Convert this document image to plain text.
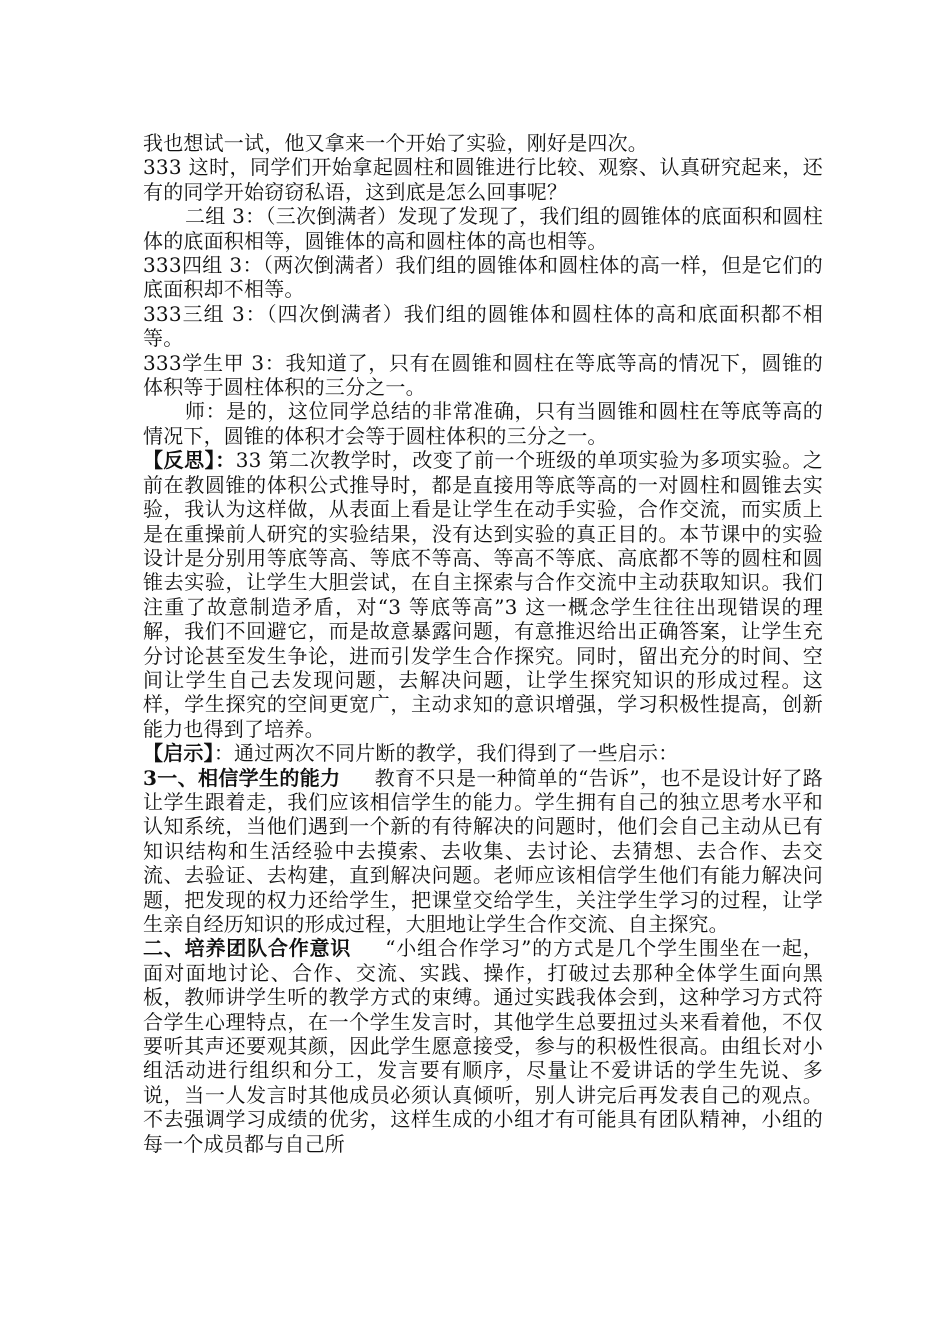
我也想试一试，他又拿来一个开始了实验，刚好是四次。

333 这时，同学们开始拿起圆柱和圆锥进行比较、观察、认真研究起来，还有的同学开始窃窃私语，这到底是怎么回事呢？

二组 3：（三次倒满者）发现了发现了，我们组的圆锥体的底面积和圆柱体的底面积相等，圆锥体的高和圆柱体的高也相等。

333四组 3：（两次倒满者）我们组的圆锥体和圆柱体的高一样，但是它们的底面积却不相等。

333三组 3：（四次倒满者）我们组的圆锥体和圆柱体的高和底面积都不相等。

333学生甲 3：我知道了，只有在圆锥和圆柱在等底等高的情况下，圆锥的体积等于圆柱体积的三分之一。

师：是的，这位同学总结的非常准确，只有当圆锥和圆柱在等底等高的情况下，圆锥的体积才会等于圆柱体积的三分之一。

【反思】：33 第二次教学时，改变了前一个班级的单项实验为多项实验。之前在教圆锥的体积公式推导时，都是直接用等底等高的一对圆柱和圆锥去实验，我认为这样做，从表面上看是让学生在动手实验，合作交流，而实质上是在重操前人研究的实验结果，没有达到实验的真正目的。本节课中的实验设计是分别用等底等高、等底不等高、等高不等底、高底都不等的圆柱和圆锥去实验，让学生大胆尝试，在自主探索与合作交流中主动获取知识。我们注重了故意制造矛盾，对“3 等底等高”3 这一概念学生往往出现错误的理解，我们不回避它，而是故意暴露问题，有意推迟给出正确答案，让学生充分讨论甚至发生争论，进而引发学生合作探究。同时，留出充分的时间、空间让学生自己去发现问题，去解决问题，让学生探究知识的形成过程。这样，学生探究的空间更宽广，主动求知的意识增强，学习积极性提高，创新能力也得到了培养。

【启示】：通过两次不同片断的教学，我们得到了一些启示：

3一、相信学生的能力 教育不只是一种简单的“告诉”，也不是设计好了路让学生跟着走，我们应该相信学生的能力。学生拥有自己的独立思考水平和认知系统，当他们遇到一个新的有待解决的问题时，他们会自己主动从已有知识结构和生活经验中去摸索、去收集、去讨论、去猜想、去合作、去交流、去验证、去构建，直到解决问题。老师应该相信学生他们有能力解决问题，把发现的权力还给学生，把课堂交给学生，关注学生学习的过程，让学生亲自经历知识的形成过程，大胆地让学生合作交流、自主探究。

二、培养团队合作意识 “小组合作学习”的方式是几个学生围坐在一起，面对面地讨论、合作、交流、实践、操作，打破过去那种全体学生面向黑板，教师讲学生听的教学方式的束缚。通过实践我体会到，这种学习方式符合学生心理特点，在一个学生发言时，其他学生总要扭过头来看着他，不仅要听其声还要观其颜，因此学生愿意接受，参与的积极性很高。由组长对小组活动进行组织和分工，发言要有顺序，尽量让不爱讲话的学生先说、多说，当一人发言时其他成员必须认真倾听，别人讲完后再发表自己的观点。不去强调学习成绩的优劣，这样生成的小组才有可能具有团队精神，小组的每一个成员都与自己所
